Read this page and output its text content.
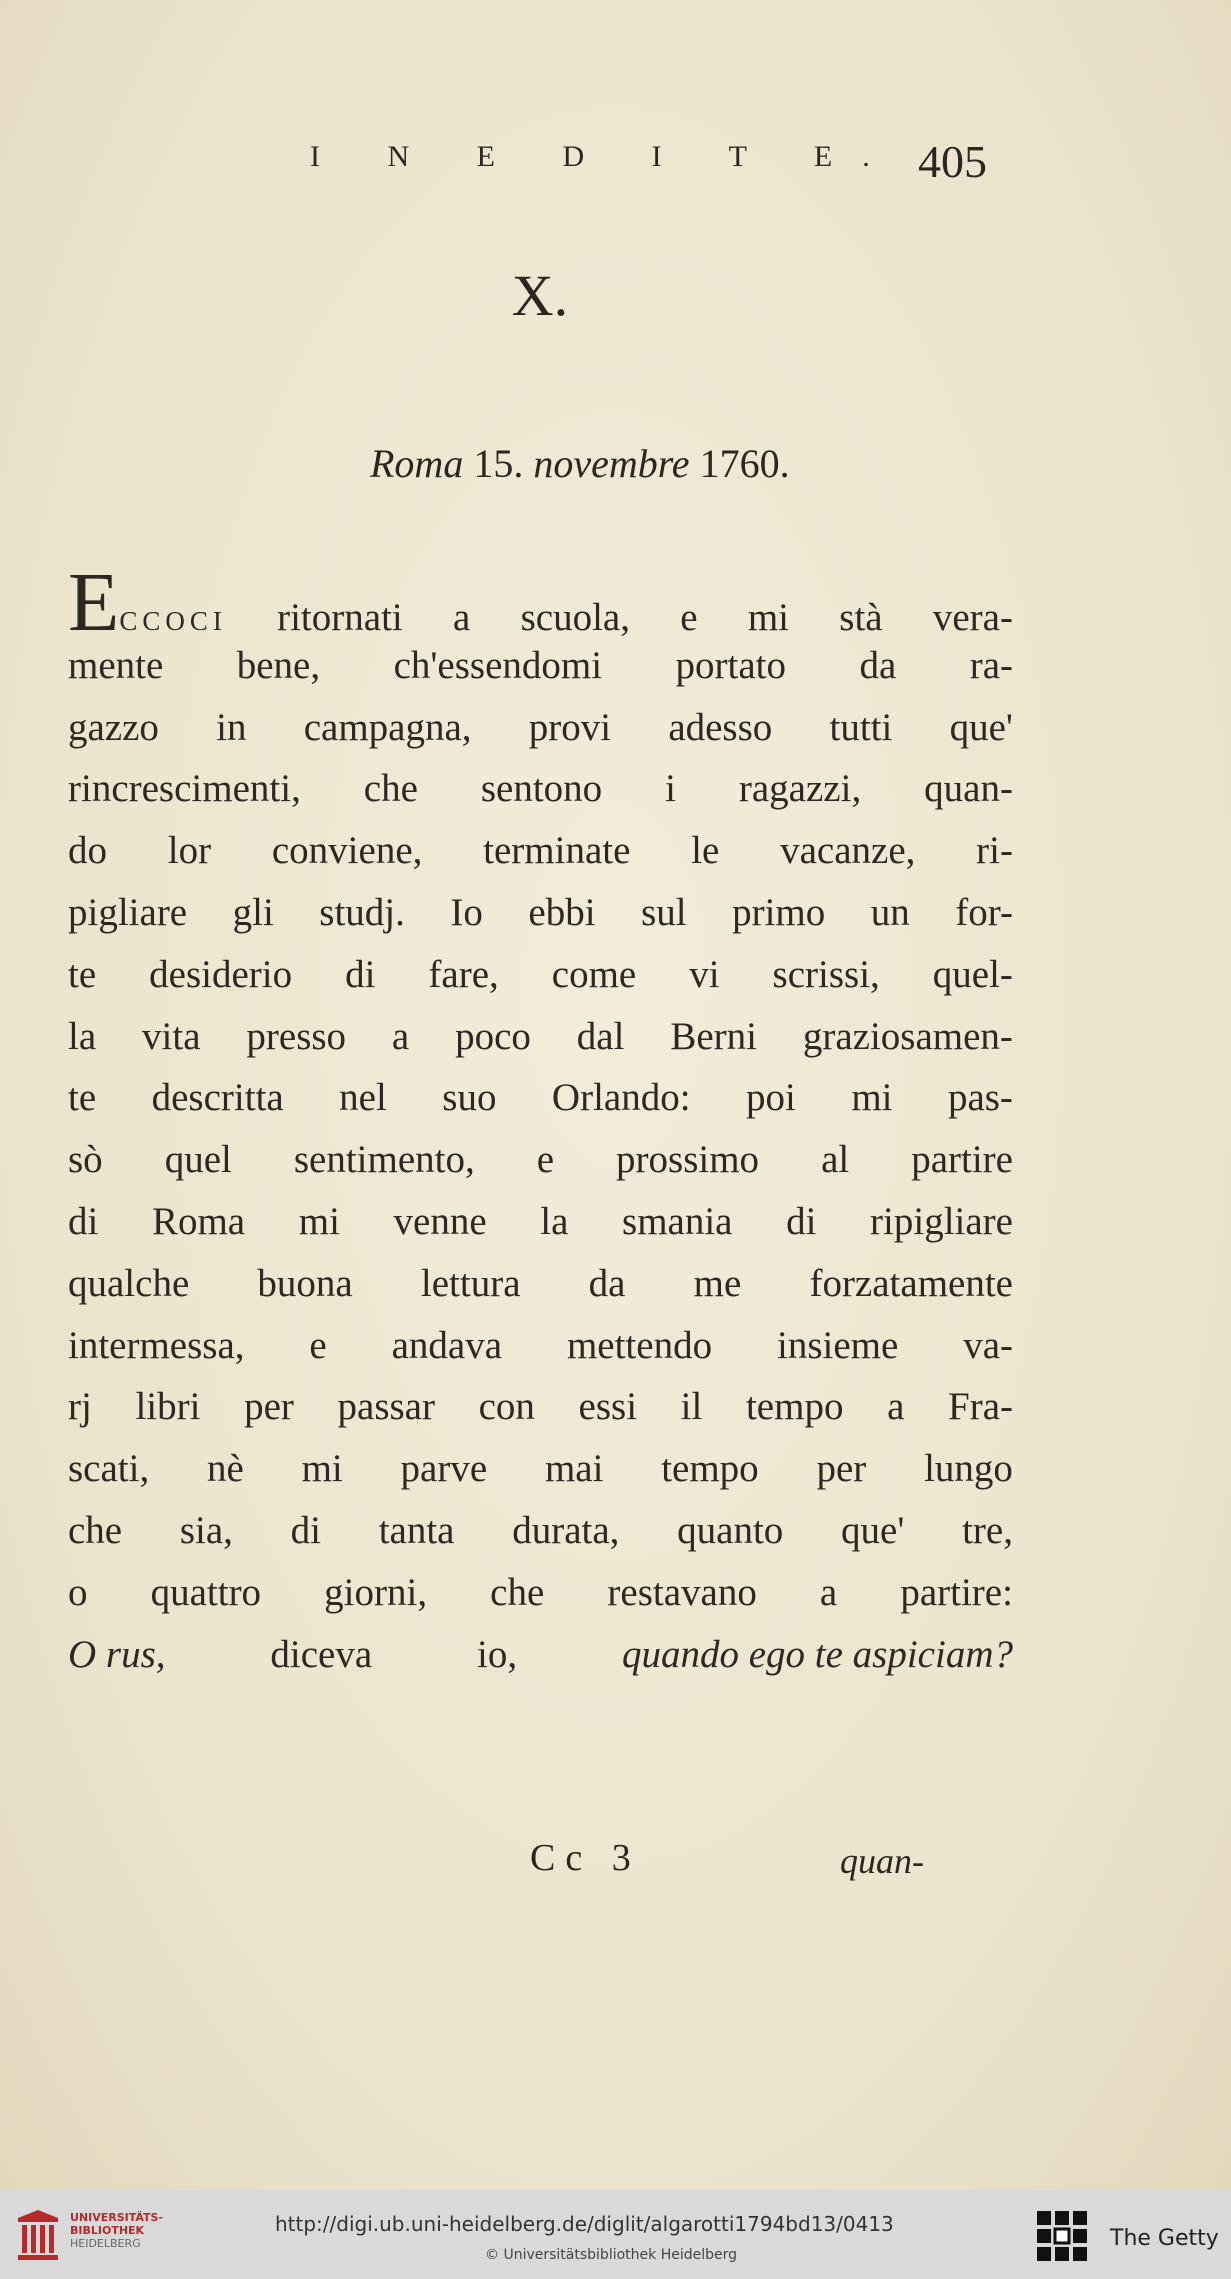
I N E D I T E. 405
X.
Roma 15. novembre 1760.
Eccoci ritornati a scuola, e mi stà vera-
mente bene, ch'essendomi portato da ra-
gazzo in campagna, provi adesso tutti que'
rincrescimenti, che sentono i ragazzi, quan-
do lor conviene, terminate le vacanze, ri-
pigliare gli studj. Io ebbi sul primo un for-
te desiderio di fare, come vi scrissi, quel-
la vita presso a poco dal Berni graziosamen-
te descritta nel suo Orlando: poi mi pas-
sò quel sentimento, e prossimo al partire
di Roma mi venne la smania di ripigliare
qualche buona lettura da me forzatamente
intermessa, e andava mettendo insieme va-
rj libri per passar con essi il tempo a Fra-
scati, nè mi parve mai tempo per lungo
che sia, di tanta durata, quanto que' tre,
o quattro giorni, che restavano a partire:
O rus,	diceva	io,	quando ego te aspiciam?
Cc 3	quan-
UNIVERSITÄTS-
BIBLIOTHEK
HEIDELBERG
http://digi.ub.uni-heidelberg.de/diglit/algarotti1794bd13/0413
© Universitätsbibliothek Heidelberg
The Getty
